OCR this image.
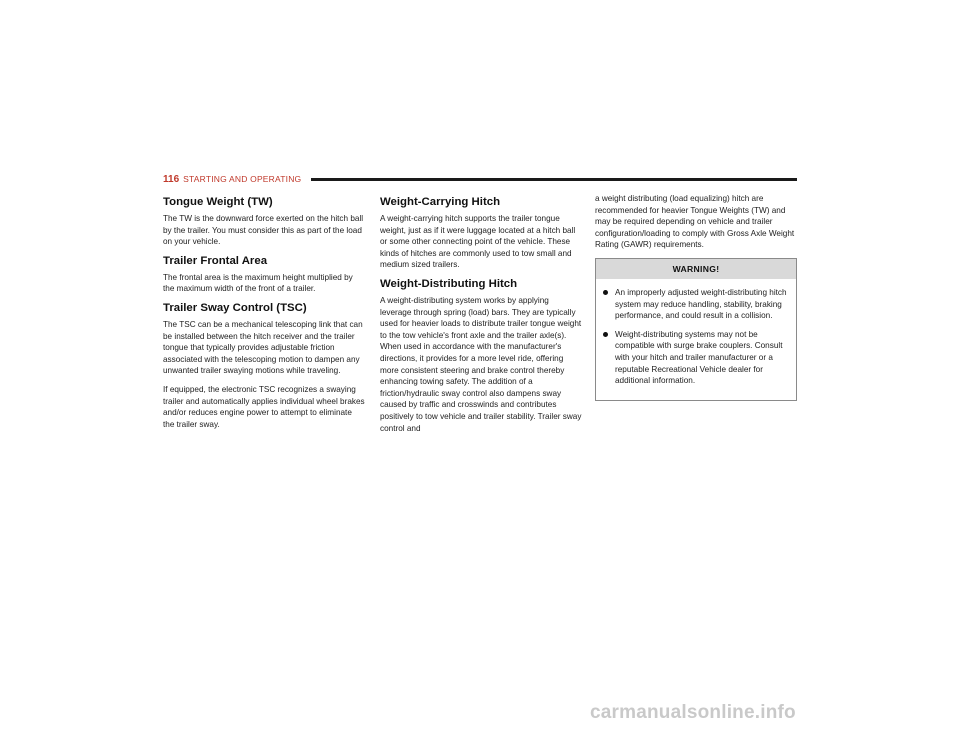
116 STARTING AND OPERATING
Tongue Weight (TW)

The TW is the downward force exerted on the hitch ball by the trailer. You must consider this as part of the load on your vehicle.

Trailer Frontal Area

The frontal area is the maximum height multiplied by the maximum width of the front of a trailer.

Trailer Sway Control (TSC)

The TSC can be a mechanical telescoping link that can be installed between the hitch receiver and the trailer tongue that typically provides adjustable friction associated with the telescoping motion to dampen any unwanted trailer swaying motions while traveling.

If equipped, the electronic TSC recognizes a swaying trailer and automatically applies individual wheel brakes and/or reduces engine power to attempt to eliminate the trailer sway.

Weight-Carrying Hitch

A weight-carrying hitch supports the trailer tongue weight, just as if it were luggage located at a hitch ball or some other connecting point of the vehicle. These kinds of hitches are commonly used to tow small and medium sized trailers.

Weight-Distributing Hitch

A weight-distributing system works by applying leverage through spring (load) bars. They are typically used for heavier loads to distribute trailer tongue weight to the tow vehicle's front axle and the trailer axle(s). When used in accordance with the manufacturer's directions, it provides for a more level ride, offering more consistent steering and brake control thereby enhancing towing safety. The addition of a friction/hydraulic sway control also dampens sway caused by traffic and crosswinds and contributes positively to tow vehicle and trailer stability. Trailer sway control and

a weight distributing (load equalizing) hitch are recommended for heavier Tongue Weights (TW) and may be required depending on vehicle and trailer configuration/loading to comply with Gross Axle Weight Rating (GAWR) requirements.

WARNING!
An improperly adjusted weight-distributing hitch system may reduce handling, stability, braking performance, and could result in a collision.
Weight-distributing systems may not be compatible with surge brake couplers. Consult with your hitch and trailer manufacturer or a reputable Recreational Vehicle dealer for additional information.
carmanualsonline.info
